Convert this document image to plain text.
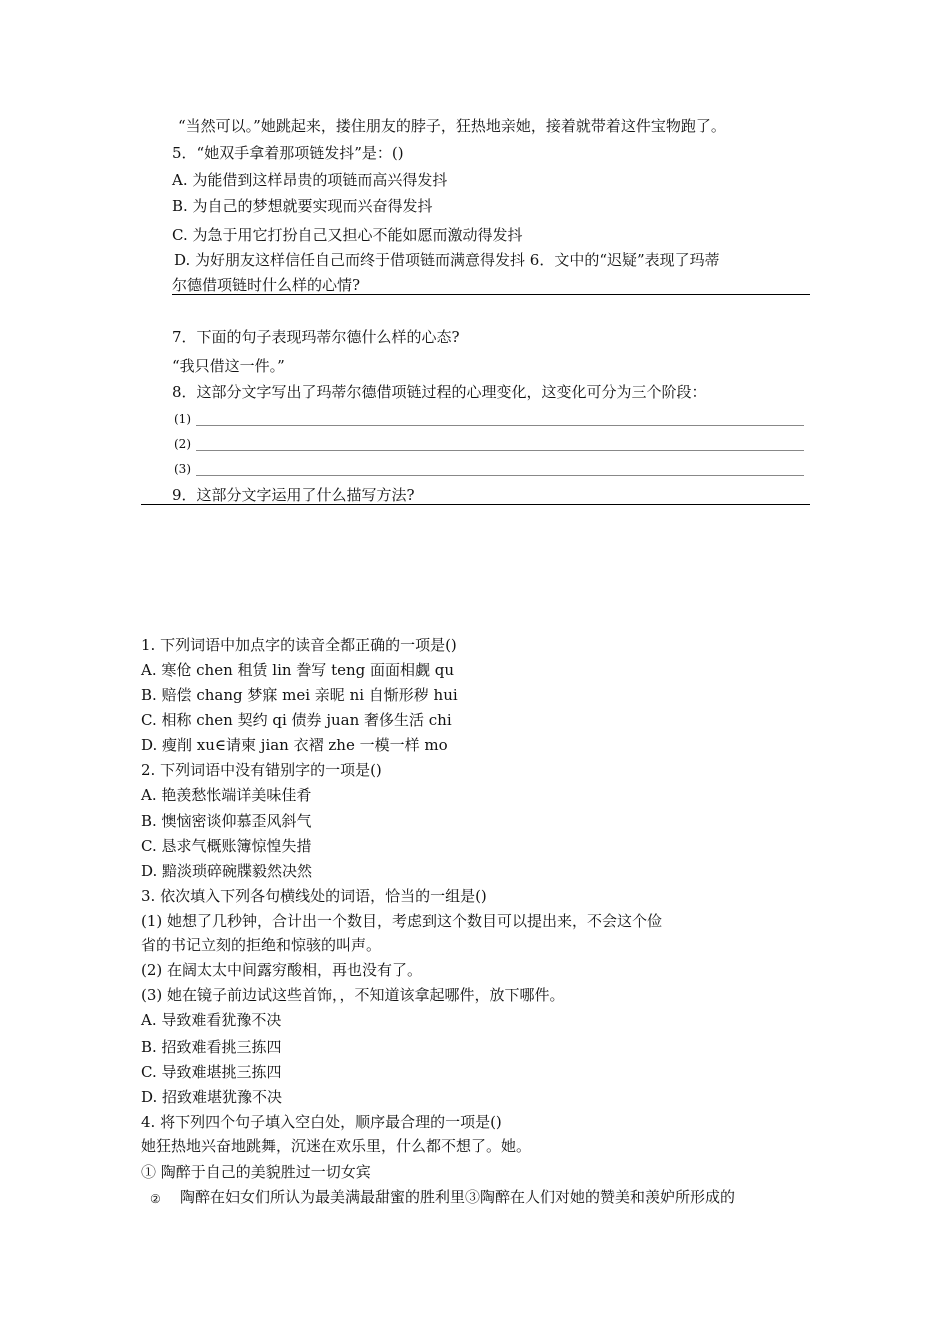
“当然可以。”她跳起来，搂住朋友的脖子，狂热地亲她，接着就带着这件宝物跑了。
5．“她双手拿着那项链发抖”是：()
A. 为能借到这样昂贵的项链而高兴得发抖
B. 为自己的梦想就要实现而兴奋得发抖
C. 为急于用它打扮自己又担心不能如愿而激动得发抖
D. 为好朋友这样信任自己而终于借项链而满意得发抖 6．文中的“迟疑”表现了玛蒂
尔德借项链时什么样的心情?
7．下面的句子表现玛蒂尔德什么样的心态?
“我只借这一件。”
8．这部分文字写出了玛蒂尔德借项链过程的心理变化，这变化可分为三个阶段：
(1)
(2)
(3)
9．这部分文字运用了什么描写方法?
1. 下列词语中加点字的读音全都正确的一项是()
A. 寒伧 chen 租赁 lin 誊写 teng 面面相觑 qu
B. 赔偿 chang 梦寐 mei 亲昵 ni 自惭形秽 hui
C. 相称 chen 契约 qi 债券 juan 奢侈生活 chi
D. 瘦削 xu∈请柬 jian 衣褶 zhe 一模一样 mo
2. 下列词语中没有错别字的一项是()
A. 艳羡愁怅端详美味佳肴
B. 懊恼密谈仰慕歪风斜气
C. 恳求气概账簿惊惶失措
D. 黯淡琐碎碗牒毅然决然
3. 依次填入下列各句横线处的词语，恰当的一组是()
(1) 她想了几秒钟，合计出一个数目，考虑到这个数目可以提出来，不会这个俭
省的书记立刻的拒绝和惊骇的叫声。
(2) 在阔太太中间露穷酸相，再也没有了。
(3) 她在镜子前边试这些首饰，，不知道该拿起哪件，放下哪件。
A. 导致难看犹豫不决
B. 招致难看挑三拣四
C. 导致难堪挑三拣四
D. 招致难堪犹豫不决
4. 将下列四个句子填入空白处，顺序最合理的一项是()
她狂热地兴奋地跳舞，沉迷在欢乐里，什么都不想了。她。
① 陶醉于自己的美貌胜过一切女宾
② 陶醉在妇女们所认为最美满最甜蜜的胜利里③陶醉在人们对她的赞美和羡妒所形成的
